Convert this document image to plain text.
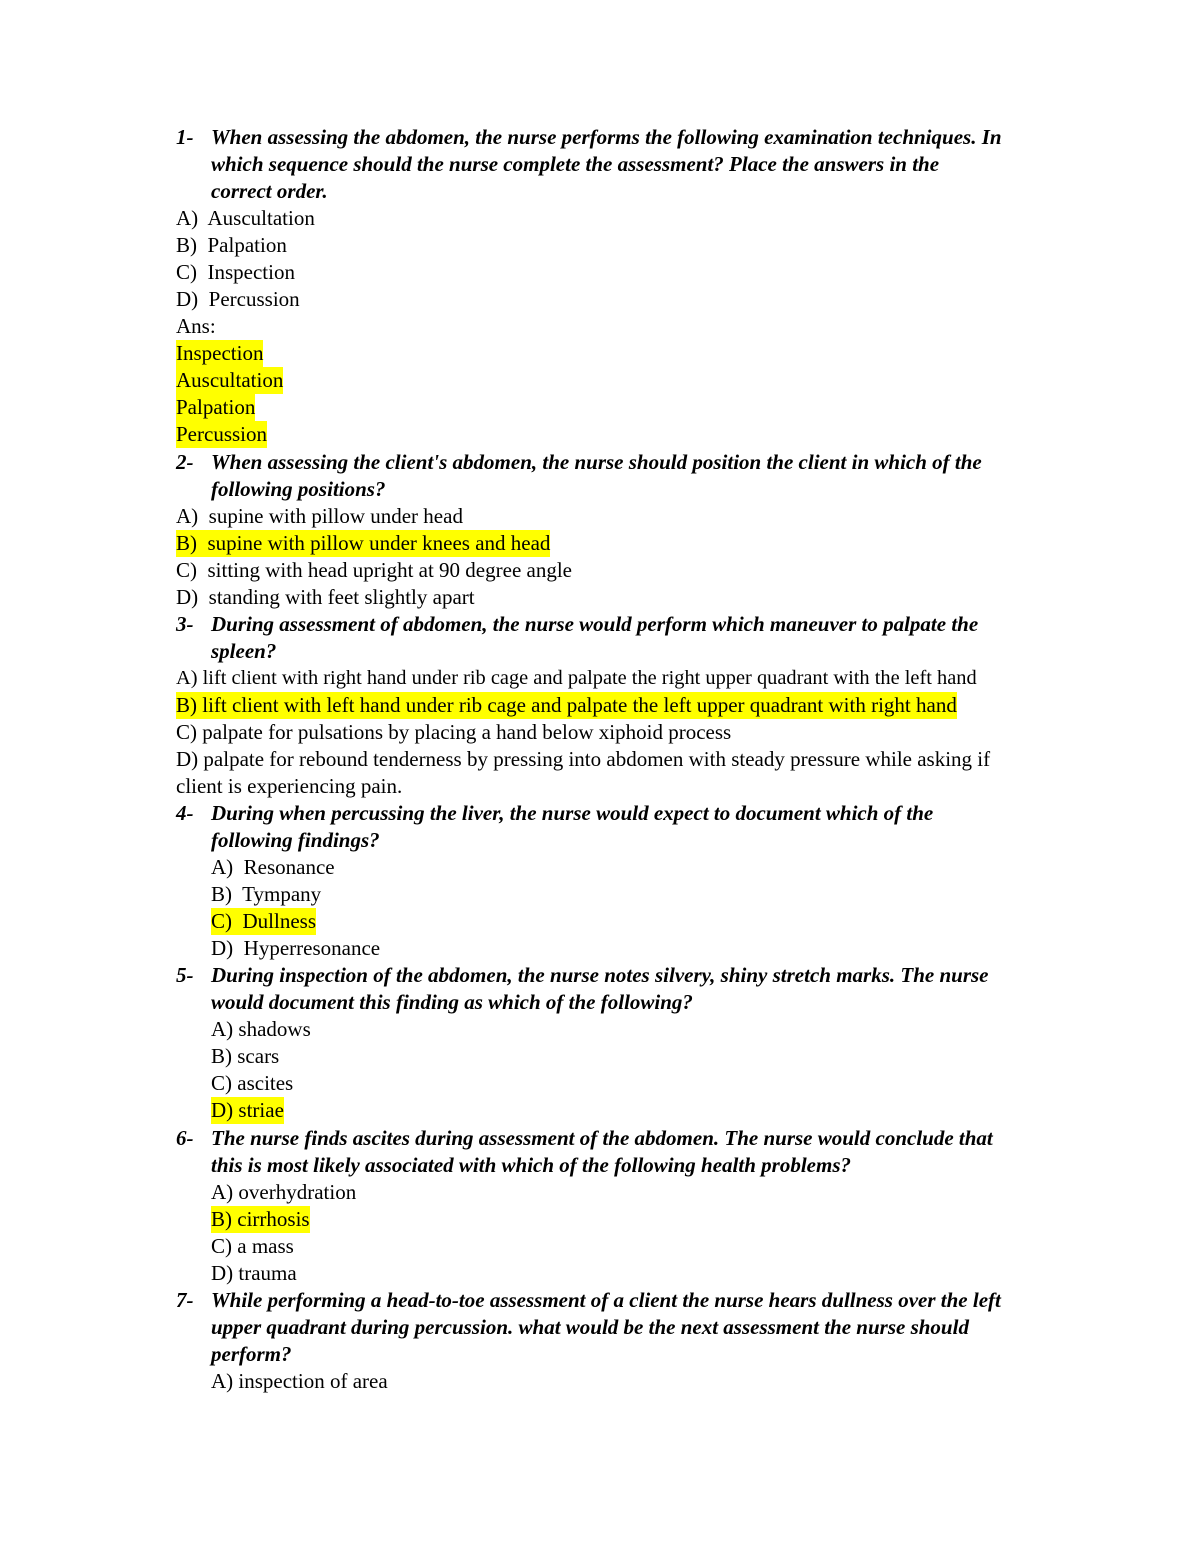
1- When assessing the abdomen, the nurse performs the following examination techniques. In
which sequence should the nurse complete the assessment? Place the answers in the
correct order.
A)  Auscultation
B)  Palpation
C)  Inspection
D)  Percussion
Ans:
Inspection
Auscultation
Palpation
Percussion
2- When assessing the client's abdomen, the nurse should position the client in which of the
following positions?
A)  supine with pillow under head
B)  supine with pillow under knees and head
C)  sitting with head upright at 90 degree angle
D)  standing with feet slightly apart
3- During assessment of abdomen, the nurse would perform which maneuver to palpate the
spleen?
A) lift client with right hand under rib cage and palpate the right upper quadrant with the left hand
B) lift client with left hand under rib cage and palpate the left upper quadrant with right hand
C) palpate for pulsations by placing a hand below xiphoid process
D) palpate for rebound tenderness by pressing into abdomen with steady pressure while asking if
client is experiencing pain.
4- During when percussing the liver, the nurse would expect to document which of the
following findings?
A)  Resonance
B)  Tympany
C)  Dullness
D)  Hyperresonance
5- During inspection of the abdomen, the nurse notes silvery, shiny stretch marks. The nurse
would document this finding as which of the following?
A) shadows
B) scars
C) ascites
D) striae
6- The nurse finds ascites during assessment of the abdomen. The nurse would conclude that
this is most likely associated with which of the following health problems?
A) overhydration
B) cirrhosis
C) a mass
D) trauma
7- While performing a head-to-toe assessment of a client the nurse hears dullness over the left
upper quadrant during percussion. what would be the next assessment the nurse should
perform?
A) inspection of area
